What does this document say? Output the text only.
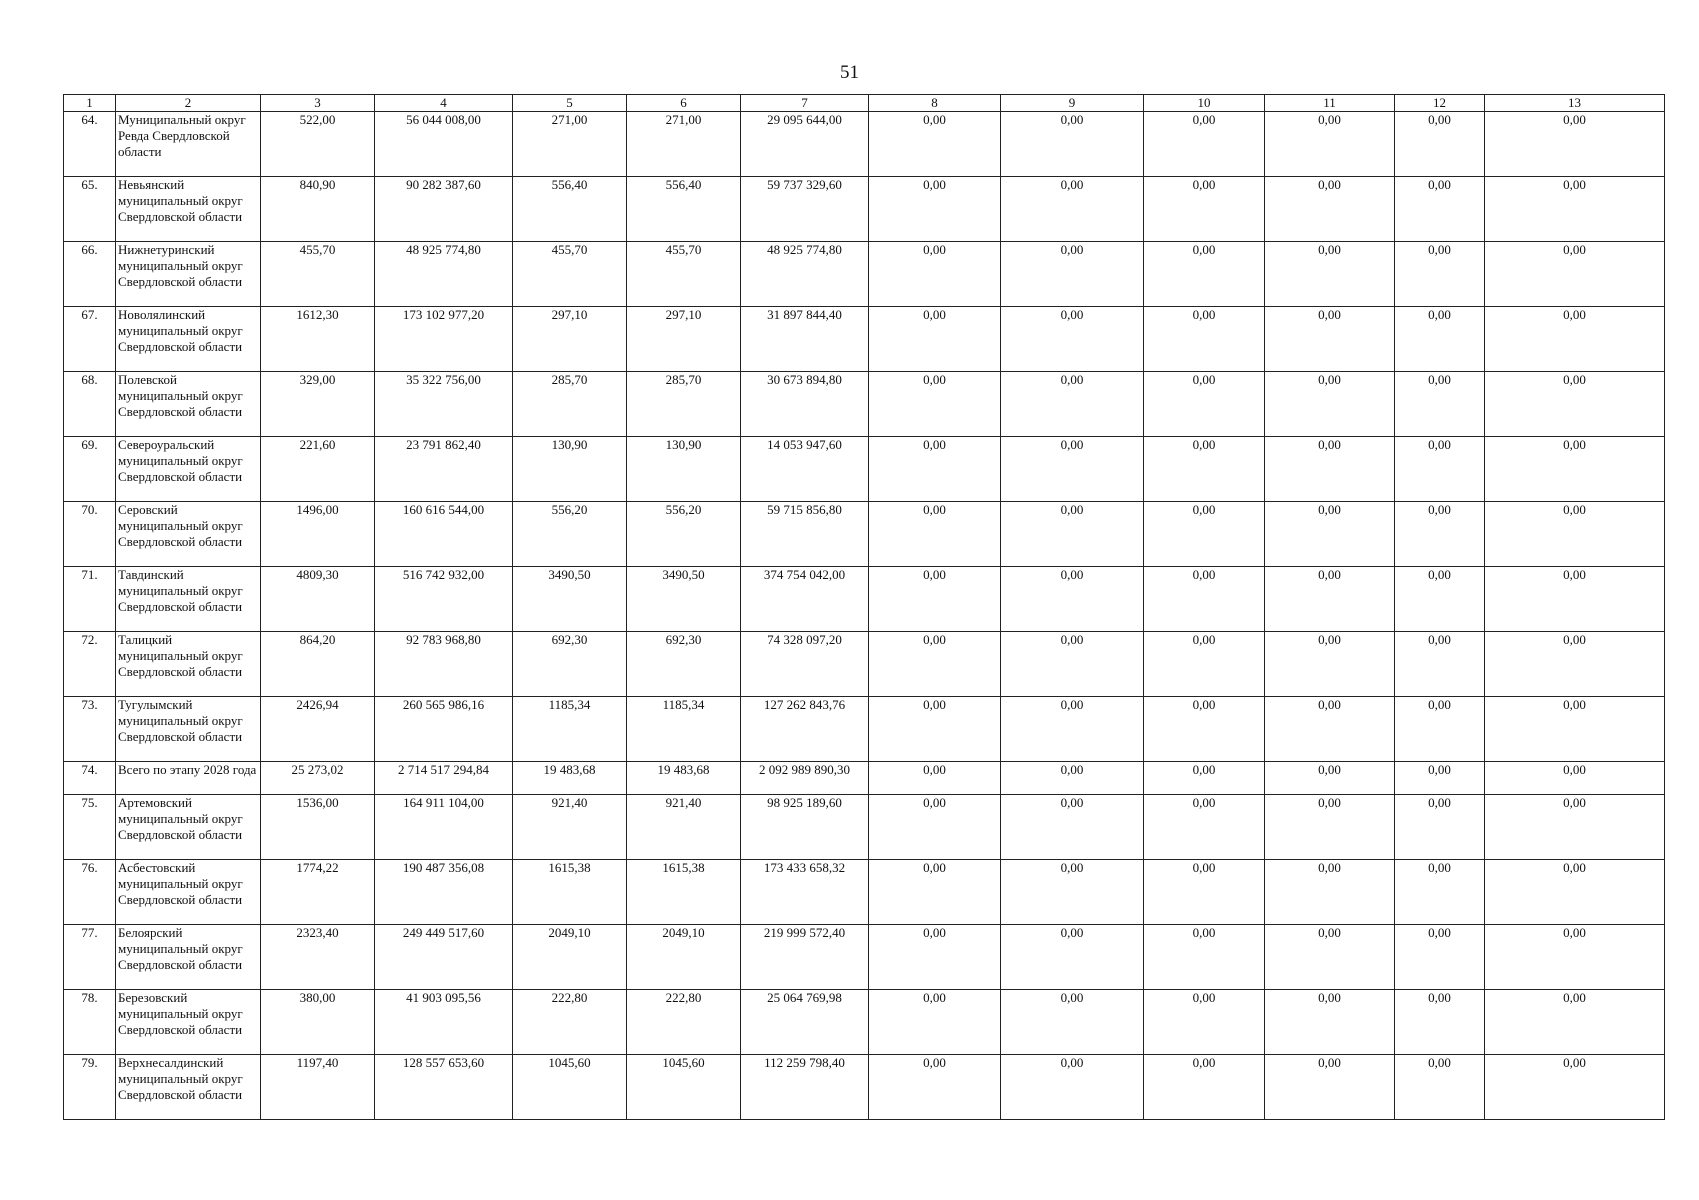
51
1	2	3	4	5	6	7	8	9	10	11	12	13
64.	Муниципальный округ Ревда Свердловской области	522,00	56 044 008,00	271,00	271,00	29 095 644,00	0,00	0,00	0,00	0,00	0,00	0,00
65.	Невьянский муниципальный округ Свердловской области	840,90	90 282 387,60	556,40	556,40	59 737 329,60	0,00	0,00	0,00	0,00	0,00	0,00
66.	Нижнетуринский муниципальный округ Свердловской области	455,70	48 925 774,80	455,70	455,70	48 925 774,80	0,00	0,00	0,00	0,00	0,00	0,00
67.	Новолялинский муниципальный округ Свердловской области	1612,30	173 102 977,20	297,10	297,10	31 897 844,40	0,00	0,00	0,00	0,00	0,00	0,00
68.	Полевской муниципальный округ Свердловской области	329,00	35 322 756,00	285,70	285,70	30 673 894,80	0,00	0,00	0,00	0,00	0,00	0,00
69.	Североуральский муниципальный округ Свердловской области	221,60	23 791 862,40	130,90	130,90	14 053 947,60	0,00	0,00	0,00	0,00	0,00	0,00
70.	Серовский муниципальный округ Свердловской области	1496,00	160 616 544,00	556,20	556,20	59 715 856,80	0,00	0,00	0,00	0,00	0,00	0,00
71.	Тавдинский муниципальный округ Свердловской области	4809,30	516 742 932,00	3490,50	3490,50	374 754 042,00	0,00	0,00	0,00	0,00	0,00	0,00
72.	Талицкий муниципальный округ Свердловской области	864,20	92 783 968,80	692,30	692,30	74 328 097,20	0,00	0,00	0,00	0,00	0,00	0,00
73.	Тугулымский муниципальный округ Свердловской области	2426,94	260 565 986,16	1185,34	1185,34	127 262 843,76	0,00	0,00	0,00	0,00	0,00	0,00
74.	Всего по этапу 2028 года	25 273,02	2 714 517 294,84	19 483,68	19 483,68	2 092 989 890,30	0,00	0,00	0,00	0,00	0,00	0,00
75.	Артемовский муниципальный округ Свердловской области	1536,00	164 911 104,00	921,40	921,40	98 925 189,60	0,00	0,00	0,00	0,00	0,00	0,00
76.	Асбестовский муниципальный округ Свердловской области	1774,22	190 487 356,08	1615,38	1615,38	173 433 658,32	0,00	0,00	0,00	0,00	0,00	0,00
77.	Белоярский муниципальный округ Свердловской области	2323,40	249 449 517,60	2049,10	2049,10	219 999 572,40	0,00	0,00	0,00	0,00	0,00	0,00
78.	Березовский муниципальный округ Свердловской области	380,00	41 903 095,56	222,80	222,80	25 064 769,98	0,00	0,00	0,00	0,00	0,00	0,00
79.	Верхнесалдинский муниципальный округ Свердловской области	1197,40	128 557 653,60	1045,60	1045,60	112 259 798,40	0,00	0,00	0,00	0,00	0,00	0,00
